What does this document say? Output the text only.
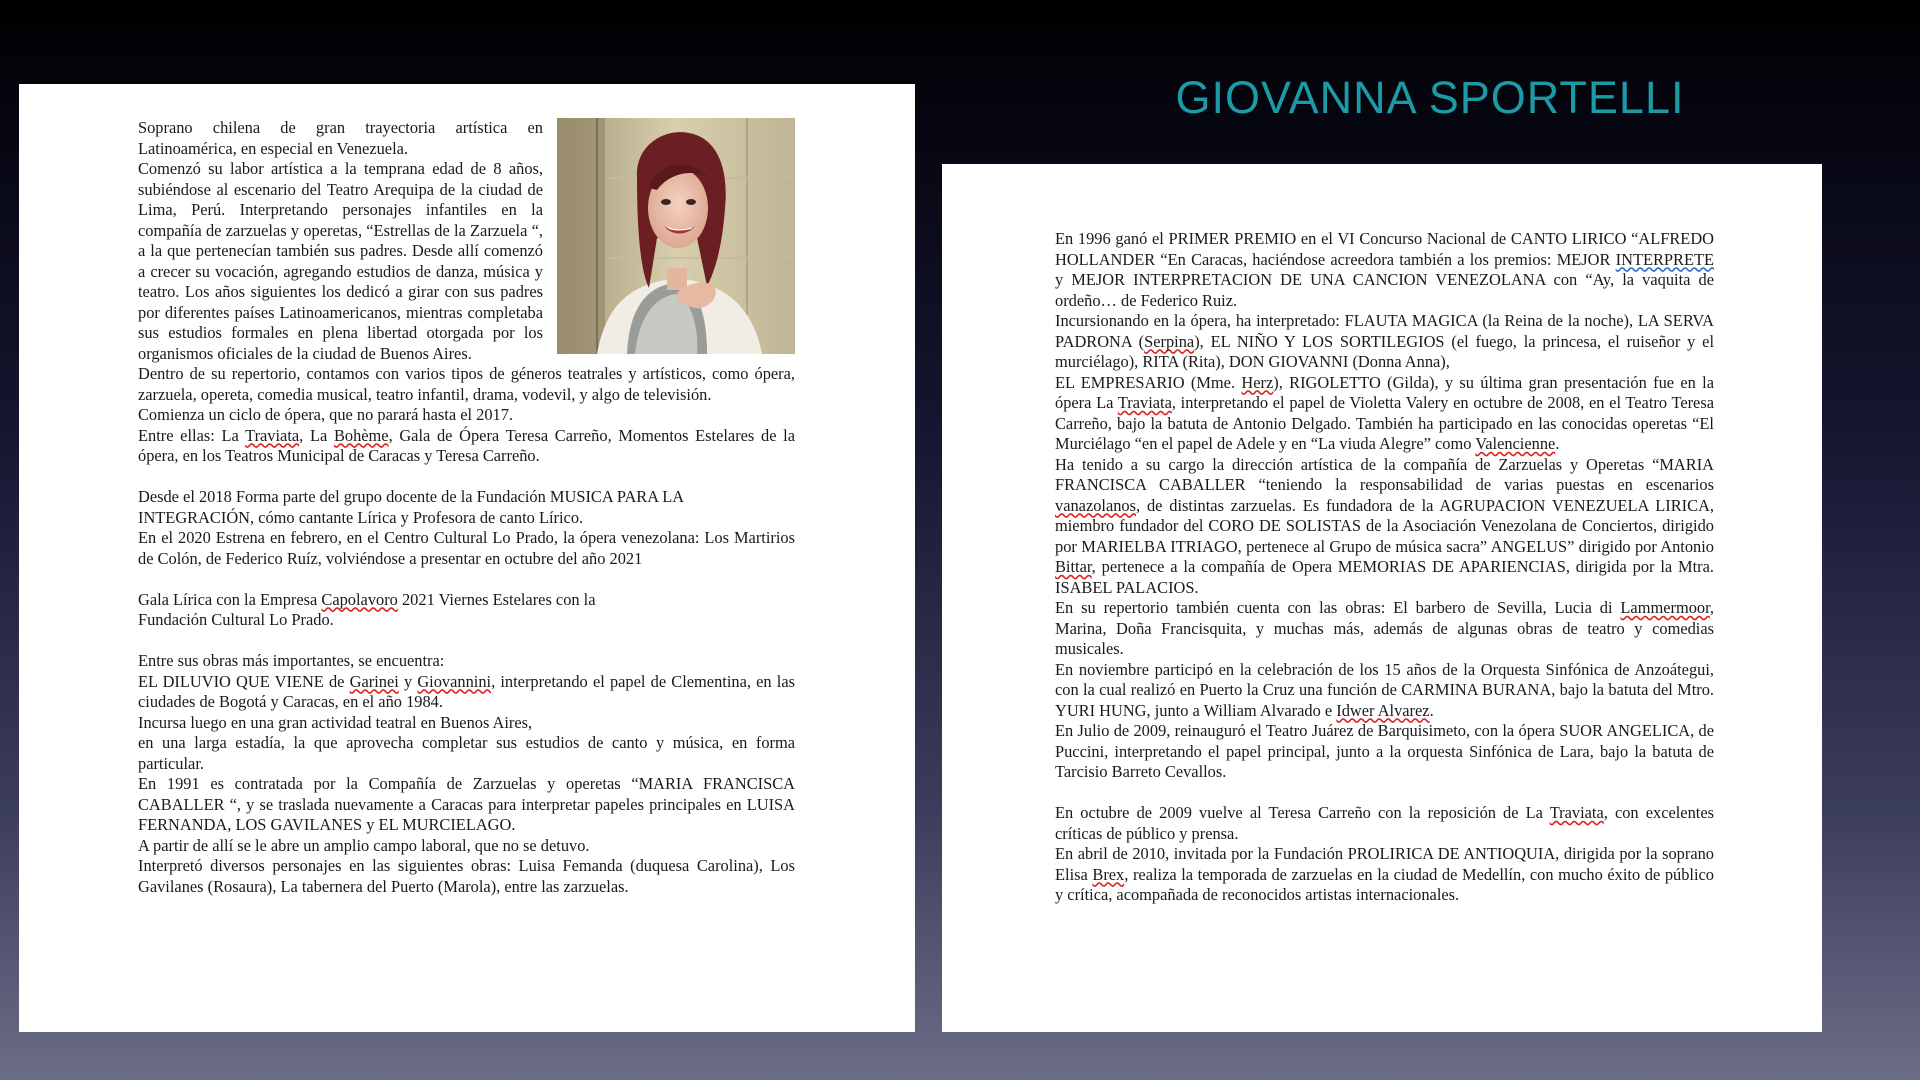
GIOVANNA SPORTELLI

Soprano chilena de gran trayectoria artística en Latinoamérica, en especial en Venezuela.

Comenzó su labor artística a la temprana edad de 8 años, subiéndose al escenario del Teatro Arequipa de la ciudad de Lima, Perú. Interpretando personajes infantiles en la compañía de zarzuelas y operetas, “Estrellas de la Zarzuela “, a la que pertenecían también sus padres. Desde allí comenzó a crecer su vocación, agregando estudios de danza, música y teatro. Los años siguientes los dedicó a girar con sus padres por diferentes países Latinoamericanos, mientras completaba sus estudios formales en plena libertad otorgada por los organismos oficiales de la ciudad de Buenos Aires.

Dentro de su repertorio, contamos con varios tipos de géneros teatrales y artísticos, como ópera, zarzuela, opereta, comedia musical, teatro infantil, drama, vodevil, y algo de televisión.

Comienza un ciclo de ópera, que no parará hasta el 2017.

Entre ellas: La Traviata, La Bohème, Gala de Ópera Teresa Carreño, Momentos Estelares de la ópera, en los Teatros Municipal de Caracas y Teresa Carreño.

Desde el 2018 Forma parte del grupo docente de la Fundación MUSICA PARA LA

INTEGRACIÓN, cómo cantante Lírica y Profesora de canto Lírico.

En el 2020 Estrena en febrero, en el Centro Cultural Lo Prado, la ópera venezolana: Los Martirios de Colón, de Federico Ruíz, volviéndose a presentar en octubre del año 2021

Gala Lírica con la Empresa Capolavoro 2021 Viernes Estelares con la

Fundación Cultural Lo Prado.

Entre sus obras más importantes, se encuentra:

EL DILUVIO QUE VIENE de Garinei y Giovannini, interpretando el papel de Clementina, en las ciudades de Bogotá y Caracas, en el año 1984.

Incursa luego en una gran actividad teatral en Buenos Aires,

en una larga estadía, la que aprovecha completar sus estudios de canto y música, en forma particular.

En 1991 es contratada por la Compañía de Zarzuelas y operetas “MARIA FRANCISCA CABALLER “, y se traslada nuevamente a Caracas para interpretar papeles principales en LUISA FERNANDA, LOS GAVILANES y EL MURCIELAGO.

A partir de allí se le abre un amplio campo laboral, que no se detuvo.

Interpretó diversos personajes en las siguientes obras: Luisa Femanda (duquesa Carolina), Los Gavilanes (Rosaura), La tabernera del Puerto (Marola), entre las zarzuelas.

En 1996 ganó el PRIMER PREMIO en el VI Concurso Nacional de CANTO LIRICO “ALFREDO HOLLANDER “En Caracas, haciéndose acreedora también a los premios: MEJOR INTERPRETE y MEJOR INTERPRETACION DE UNA CANCION VENEZOLANA con “Ay, la vaquita de ordeño… de Federico Ruiz.

Incursionando en la ópera, ha interpretado: FLAUTA MAGICA (la Reina de la noche), LA SERVA PADRONA (Serpina), EL NIÑO Y LOS SORTILEGIOS (el fuego, la princesa, el ruiseñor y el murciélago), RITA (Rita), DON GIOVANNI (Donna Anna),

EL EMPRESARIO (Mme. Herz), RIGOLETTO (Gilda), y su última gran presentación fue en la ópera La Traviata, interpretando el papel de Violetta Valery en octubre de 2008, en el Teatro Teresa Carreño, bajo la batuta de Antonio Delgado. También ha participado en las conocidas operetas “El Murciélago “en el papel de Adele y en “La viuda Alegre” como Valencienne.

Ha tenido a su cargo la dirección artística de la compañía de Zarzuelas y Operetas “MARIA FRANCISCA CABALLER “teniendo la responsabilidad de varias puestas en escenarios vanazolanos, de distintas zarzuelas. Es fundadora de la AGRUPACION VENEZUELA LIRICA, miembro fundador del CORO DE SOLISTAS de la Asociación Venezolana de Conciertos, dirigido por MARIELBA ITRIAGO, pertenece al Grupo de música sacra” ANGELUS” dirigido por Antonio Bittar, pertenece a la compañía de Opera MEMORIAS DE APARIENCIAS, dirigida por la Mtra. ISABEL PALACIOS.

En su repertorio también cuenta con las obras: El barbero de Sevilla, Lucia di Lammermoor, Marina, Doña Francisquita, y muchas más, además de algunas obras de teatro y comedias musicales.

En noviembre participó en la celebración de los 15 años de la Orquesta Sinfónica de Anzoátegui, con la cual realizó en Puerto la Cruz una función de CARMINA BURANA, bajo la batuta del Mtro. YURI HUNG, junto a William Alvarado e Idwer Alvarez.

En Julio de 2009, reinauguró el Teatro Juárez de Barquisimeto, con la ópera SUOR ANGELICA, de Puccini, interpretando el papel principal, junto a la orquesta Sinfónica de Lara, bajo la batuta de Tarcisio Barreto Cevallos.

En octubre de 2009 vuelve al Teresa Carreño con la reposición de La Traviata, con excelentes críticas de público y prensa.

En abril de 2010, invitada por la Fundación PROLIRICA DE ANTIOQUIA, dirigida por la soprano Elisa Brex, realiza la temporada de zarzuelas en la ciudad de Medellín, con mucho éxito de público y crítica, acompañada de reconocidos artistas internacionales.
